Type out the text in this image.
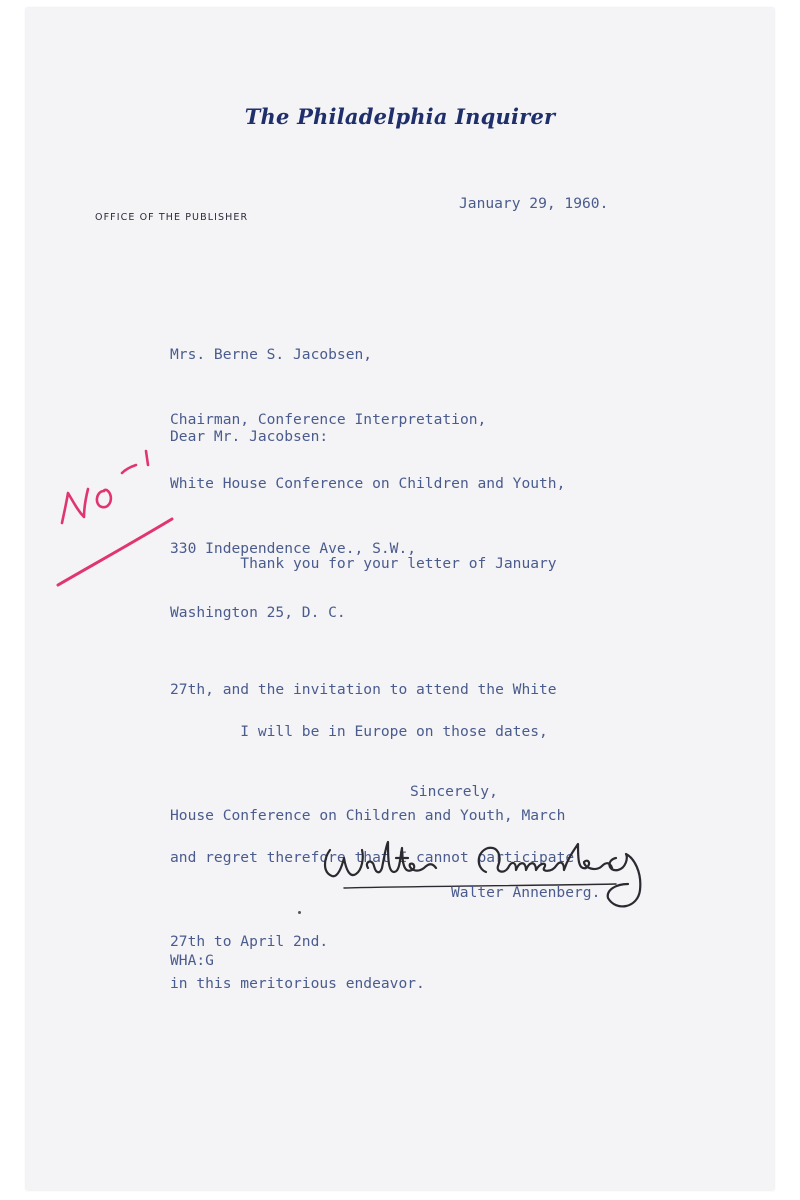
The Philadelphia Inquirer
OFFICE OF THE PUBLISHER
January 29, 1960.

Mrs. Berne S. Jacobsen,

Chairman, Conference Interpretation,

White House Conference on Children and Youth,

330 Independence Ave., S.W.,

Washington 25, D. C.

Dear Mr. Jacobsen:

Thank you for your letter of January

27th, and the invitation to attend the White

House Conference on Children and Youth, March

27th to April 2nd.

I will be in Europe on those dates,

and regret therefore that I cannot participate

in this meritorious endeavor.

Sincerely,
Walter Annenberg.
WHA:G
